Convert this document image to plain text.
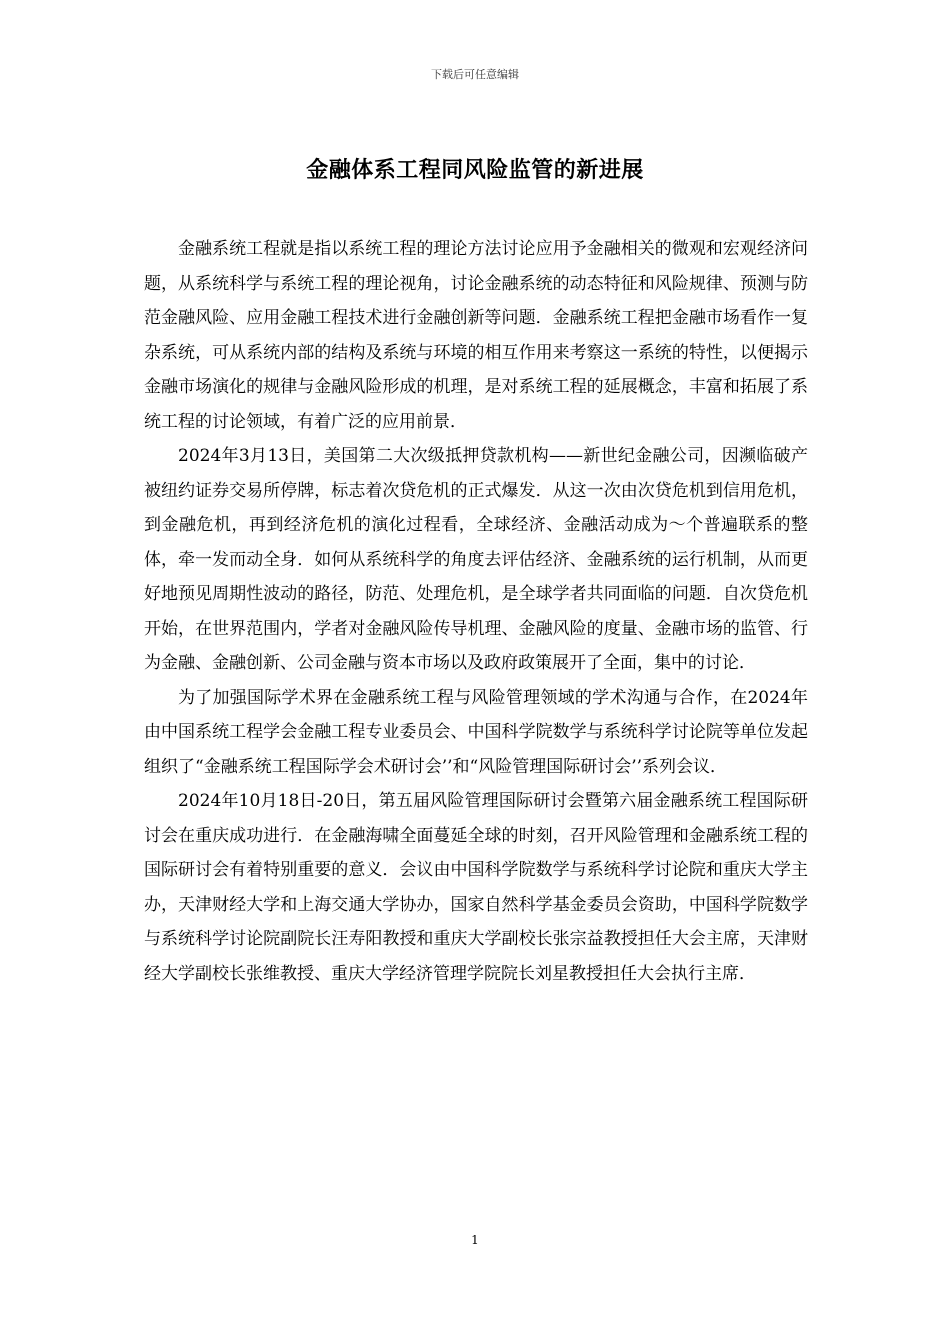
下载后可任意编辑
金融体系工程同风险监管的新进展

金融系统工程就是指以系统工程的理论方法讨论应用予金融相关的微观和宏观经济问题，从系统科学与系统工程的理论视角，讨论金融系统的动态特征和风险规律、预测与防范金融风险、应用金融工程技术进行金融创新等问题．金融系统工程把金融市场看作一复杂系统，可从系统内部的结构及系统与环境的相互作用来考察这一系统的特性，以便揭示金融市场演化的规律与金融风险形成的机理，是对系统工程的延展概念，丰富和拓展了系统工程的讨论领域，有着广泛的应用前景．

2024年3月13日，美国第二大次级抵押贷款机构——新世纪金融公司，因濒临破产被纽约证券交易所停牌，标志着次贷危机的正式爆发．从这一次由次贷危机到信用危机，到金融危机，再到经济危机的演化过程看，全球经济、金融活动成为～个普遍联系的整体，牵一发而动全身．如何从系统科学的角度去评估经济、金融系统的运行机制，从而更好地预见周期性波动的路径，防范、处理危机，是全球学者共同面临的问题．自次贷危机开始，在世界范围内，学者对金融风险传导机理、金融风险的度量、金融市场的监管、行为金融、金融创新、公司金融与资本市场以及政府政策展开了全面，集中的讨论．

为了加强国际学术界在金融系统工程与风险管理领域的学术沟通与合作，在2024年由中国系统工程学会金融工程专业委员会、中国科学院数学与系统科学讨论院等单位发起组织了“金融系统工程国际学会术研讨会’’和“风险管理国际研讨会’’系列会议．

2024年10月18日-20日，第五届风险管理国际研讨会暨第六届金融系统工程国际研讨会在重庆成功进行．在金融海啸全面蔓延全球的时刻，召开风险管理和金融系统工程的国际研讨会有着特别重要的意义．会议由中国科学院数学与系统科学讨论院和重庆大学主办，天津财经大学和上海交通大学协办，国家自然科学基金委员会资助，中国科学院数学与系统科学讨论院副院长汪寿阳教授和重庆大学副校长张宗益教授担任大会主席，天津财经大学副校长张维教授、重庆大学经济管理学院院长刘星教授担任大会执行主席．

1
